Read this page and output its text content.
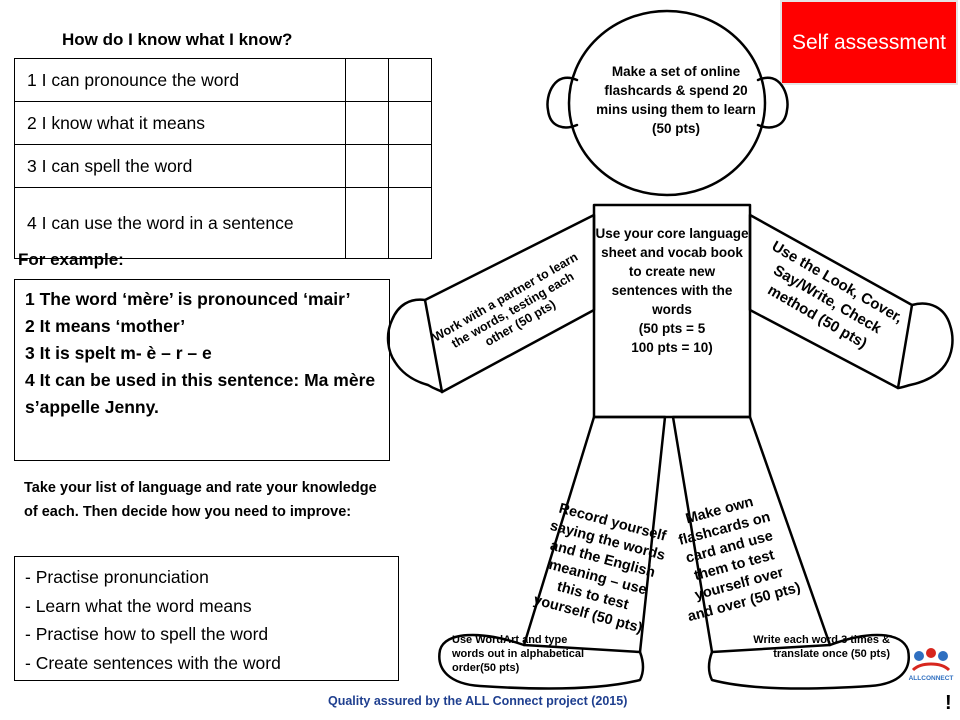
How do I know what I know?
1 I can pronounce the word		
2 I know what it means		
3 I can spell the word		
4 I can use the word in a sentence		
For example:
1 The word ‘mère’ is pronounced ‘mair’
2 It means ‘mother’
3 It is spelt m- è – r – e
4 It can be used in this sentence: Ma mère s’appelle Jenny.
Take your list of language and rate your knowledge of each. Then decide how you need to improve:
- Practise pronunciation
- Learn what the word means
- Practise how to spell the word
- Create sentences with the word
Self assessment
Make a set of online flashcards & spend 20 mins using them to learn (50 pts)
Use your core language sheet and vocab book to create new sentences with the words
(50 pts = 5
100 pts = 10)
Work with a partner to learn the words, testing each other (50 pts)	Use the Look, Cover, Say/Write, Check method (50 pts)
Record yourself saying the words and the English meaning – use this to test yourself (50 pts)
Make own flashcards on card and use them to test yourself over and over (50 pts)
Use WordArt and type words out in alphabetical order(50 pts)
Write each word 3 times & translate once (50 pts)
ALLCONNECT
Quality assured by the ALL Connect project (2015)	!
